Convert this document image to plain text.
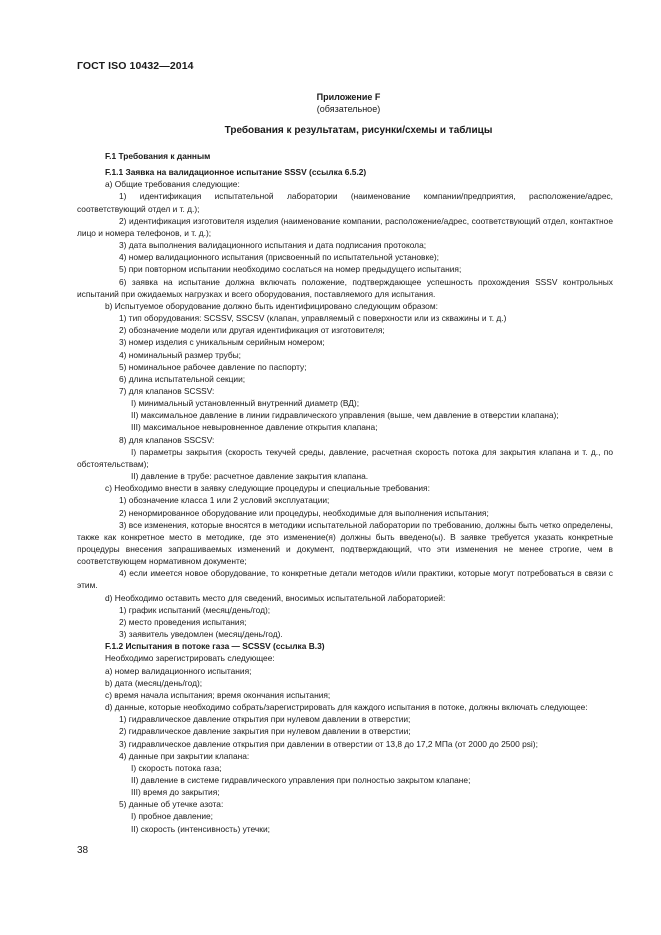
ГОСТ ISO 10432—2014
Приложение F
(обязательное)
Требования к результатам, рисунки/схемы и таблицы

F.1 Требования к данным

F.1.1 Заявка на валидационное испытание SSSV (ссылка 6.5.2)

а) Общие требования следующие:

1) идентификация испытательной лаборатории (наименование компании/предприятия, расположение/адрес, соответствующий отдел и т. д.);

2) идентификация изготовителя изделия (наименование компании, расположение/адрес, соответствующий отдел, контактное лицо и номера телефонов, и т. д.);

3) дата выполнения валидационного испытания и дата подписания протокола;

4) номер валидационного испытания (присвоенный по испытательной установке);

5) при повторном испытании необходимо сослаться на номер предыдущего испытания;

6) заявка на испытание должна включать положение, подтверждающее успешность прохождения SSSV контрольных испытаний при ожидаемых нагрузках и всего оборудования, поставляемого для испытания.

b) Испытуемое оборудование должно быть идентифицировано следующим образом:

1) тип оборудования: SCSSV, SSCSV (клапан, управляемый с поверхности или из скважины и т. д.)

2) обозначение модели или другая идентификация от изготовителя;

3) номер изделия с уникальным серийным номером;

4) номинальный размер трубы;

5) номинальное рабочее давление по паспорту;

6) длина испытательной секции;

7) для клапанов SCSSV:

I) минимальный установленный внутренний диаметр (ВД);

II) максимальное давление в линии гидравлического управления (выше, чем давление в отверстии клапана);

III) максимальное невыровненное давление открытия клапана;

8) для клапанов SSCSV:

I) параметры закрытия (скорость текучей среды, давление, расчетная скорость потока для закрытия клапана и т. д., по обстоятельствам);

II) давление в трубе: расчетное давление закрытия клапана.

c) Необходимо внести в заявку следующие процедуры и специальные требования:

1) обозначение класса 1 или 2 условий эксплуатации;

2) ненормированное оборудование или процедуры, необходимые для выполнения испытания;

3) все изменения, которые вносятся в методики испытательной лаборатории по требованию, должны быть четко определены, также как конкретное место в методике, где это изменение(я) должны быть введено(ы). В заявке требуется указать конкретные процедуры внесения запрашиваемых изменений и документ, подтверждающий, что эти изменения не менее строгие, чем в соответствующем нормативном документе;

4) если имеется новое оборудование, то конкретные детали методов и/или практики, которые могут потребоваться в связи с этим.

d) Необходимо оставить место для сведений, вносимых испытательной лабораторией:

1) график испытаний (месяц/день/год);

2) место проведения испытания;

3) заявитель уведомлен (месяц/день/год).

F.1.2 Испытания в потоке газа — SCSSV (ссылка B.3)

Необходимо зарегистрировать следующее:

a) номер валидационного испытания;

b) дата (месяц/день/год);

c) время начала испытания; время окончания испытания;

d) данные, которые необходимо собрать/зарегистрировать для каждого испытания в потоке, должны включать следующее:

1) гидравлическое давление открытия при нулевом давлении в отверстии;

2) гидравлическое давление закрытия при нулевом давлении в отверстии;

3) гидравлическое давление открытия при давлении в отверстии от 13,8 до 17,2 МПа (от 2000 до 2500 psi);

4) данные при закрытии клапана:

I) скорость потока газа;

II) давление в системе гидравлического управления при полностью закрытом клапане;

III) время до закрытия;

5) данные об утечке азота:

I) пробное давление;

II) скорость (интенсивность) утечки;

38
